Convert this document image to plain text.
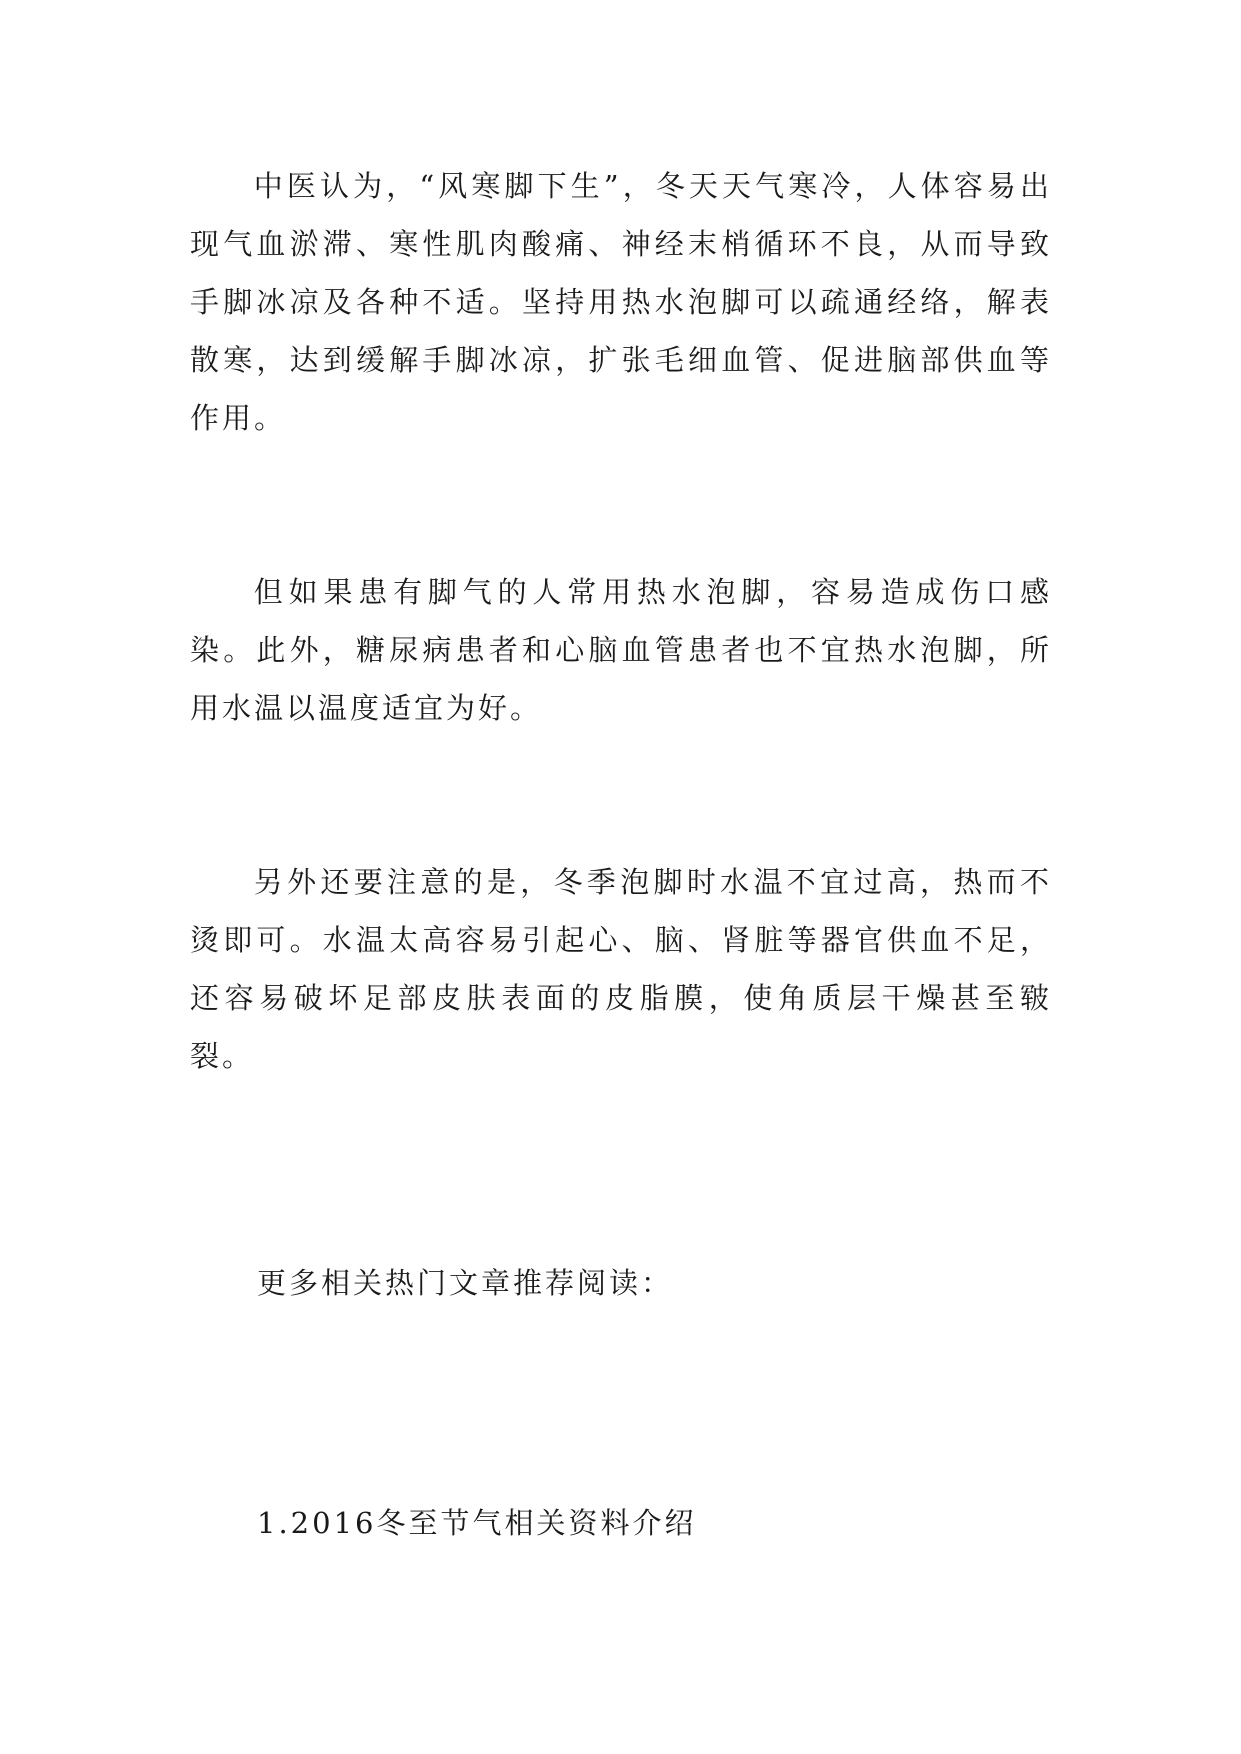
中医认为，“风寒脚下生”，冬天天气寒冷，人体容易出现气血淤滞、寒性肌肉酸痛、神经末梢循环不良，从而导致手脚冰凉及各种不适。坚持用热水泡脚可以疏通经络，解表散寒，达到缓解手脚冰凉，扩张毛细血管、促进脑部供血等作用。

但如果患有脚气的人常用热水泡脚，容易造成伤口感染。此外，糖尿病患者和心脑血管患者也不宜热水泡脚，所用水温以温度适宜为好。

另外还要注意的是，冬季泡脚时水温不宜过高，热而不烫即可。水温太高容易引起心、脑、肾脏等器官供血不足，还容易破坏足部皮肤表面的皮脂膜，使角质层干燥甚至皲裂。

更多相关热门文章推荐阅读：

1.2016冬至节气相关资料介绍
